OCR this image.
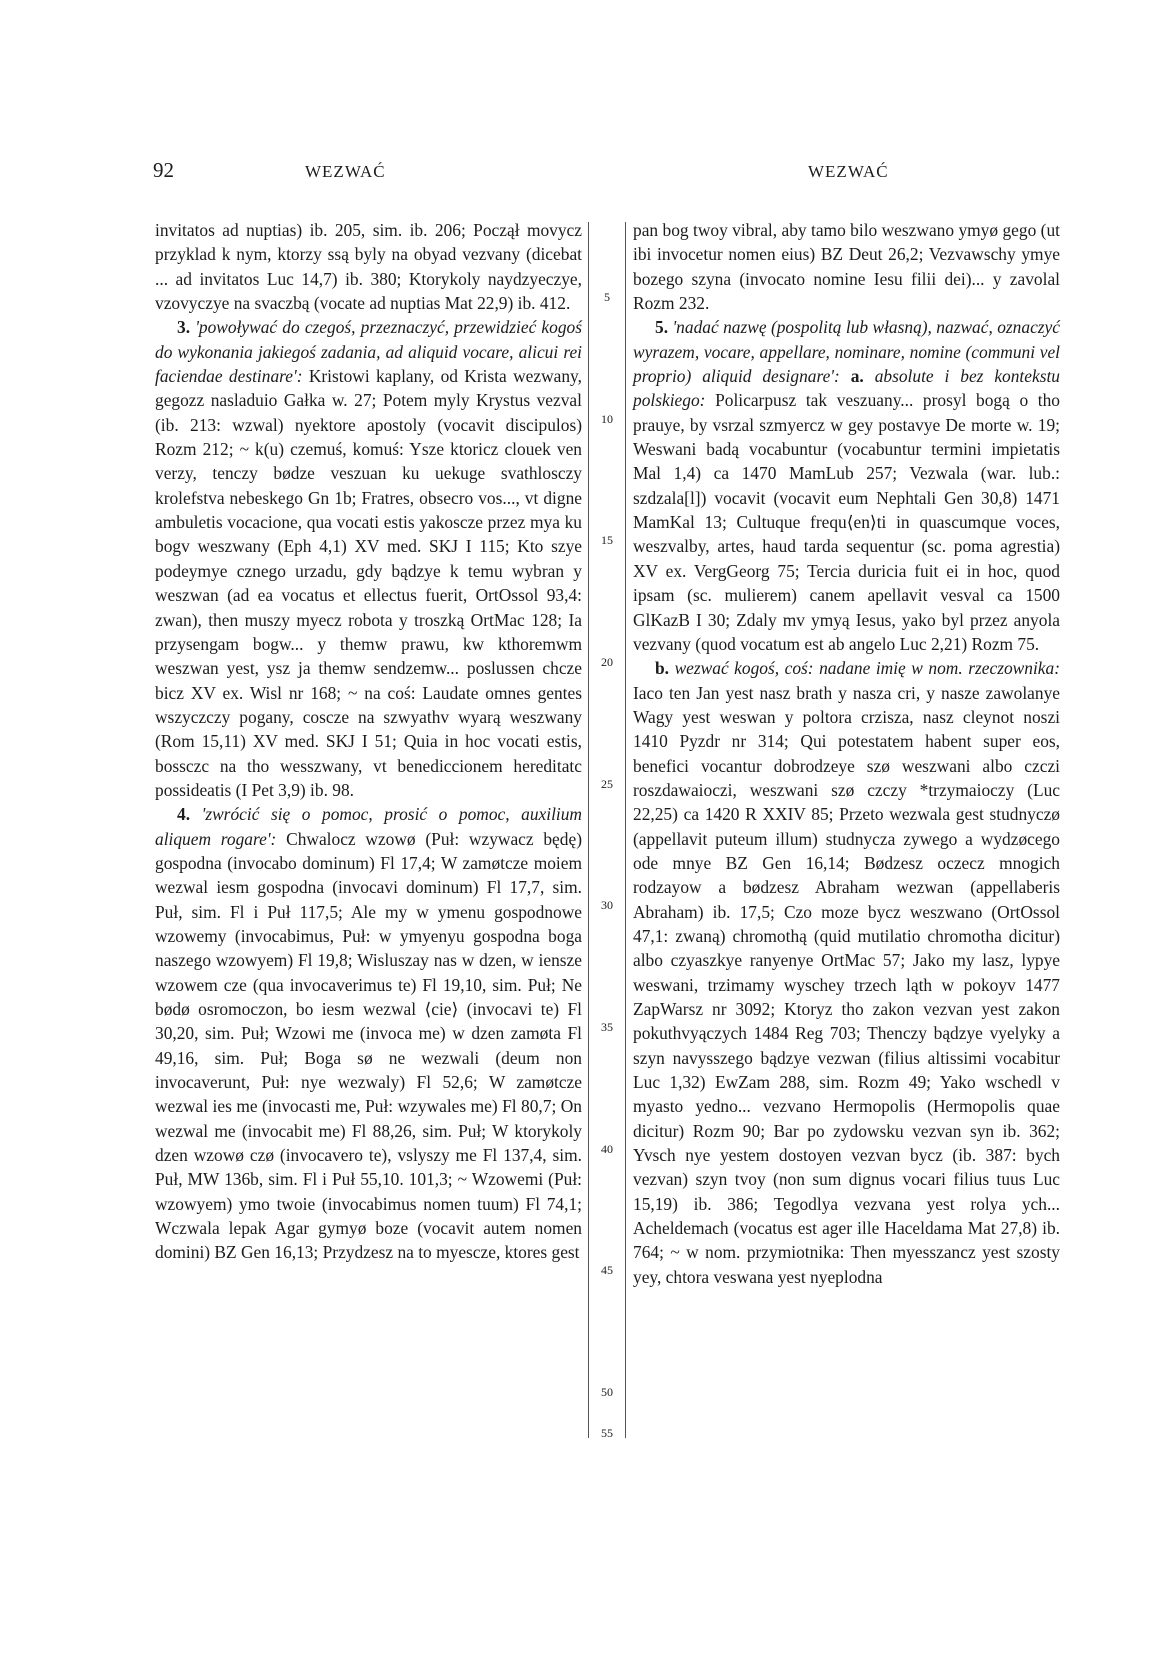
92	WEZWAĆ	WEZWAĆ

invitatos ad nuptias) ib. 205, sim. ib. 206; Począł movycz przyklad k nym, ktorzy ssą byly na obyad vezvany (dicebat ... ad invitatos Luc 14,7) ib. 380; Ktorykoly naydzyeczye, vzovyczye na svaczbą (vocate ad nuptias Mat 22,9) ib. 412.

3. 'powoływać do czegoś, przeznaczyć, przewidzieć kogoś do wykonania jakiegoś zadania, ad aliquid vocare, alicui rei faciendae destinare': Kristowi kaplany, od Krista wezwany, gegozz nasladuio Gałka w. 27; Potem myly Krystus vezval (ib. 213: wzwal) nyektore apostoly (vocavit discipulos) Rozm 212; ~ k(u) czemuś, komuś: Ysze ktoricz clouek ven verzy, tenczy bødze veszuan ku uekuge svathlosczy krolefstva nebeskego Gn 1b; Fratres, obsecro vos..., vt digne ambuletis vocacione, qua vocati estis yakoscze przez mya ku bogv weszwany (Eph 4,1) XV med. SKJ I 115; Kto szye podeymye cznego urzadu, gdy bądzye k temu wybran y weszwan (ad ea vocatus et ellectus fuerit, OrtOssol 93,4: zwan), then muszy myecz robota y troszką OrtMac 128; Ia przysengam bogw... y themw prawu, kw kthoremwm weszwan yest, ysz ja themw sendzemw... poslussen chcze bicz XV ex. Wisl nr 168; ~ na coś: Laudate omnes gentes wszyczczy pogany, coscze na szwyathv wyarą weszwany (Rom 15,11) XV med. SKJ I 51; Quia in hoc vocati estis, bossczc na tho wesszwany, vt benediccionem hereditatc possideatis (I Pet 3,9) ib. 98.

4. 'zwrócić się o pomoc, prosić o pomoc, auxilium aliquem rogare': Chwalocz wzowø (Puł: wzywacz będę) gospodna (invocabo dominum) Fl 17,4; W zamøtcze moiem wezwal iesm gospodna (invocavi dominum) Fl 17,7, sim. Puł, sim. Fl i Puł 117,5; Ale my w ymenu gospodnowe wzowemy (invocabimus, Puł: w ymyenyu gospodna boga naszego wzowyem) Fl 19,8; Wisluszay nas w dzen, w iensze wzowem cze (qua invocaverimus te) Fl 19,10, sim. Puł; Ne bødø osromoczon, bo iesm wezwal ⟨cie⟩ (invocavi te) Fl 30,20, sim. Puł; Wzowi me (invoca me) w dzen zamøta Fl 49,16, sim. Puł; Boga sø ne wezwali (deum non invocaverunt, Puł: nye wezwaly) Fl 52,6; W zamøtcze wezwal ies me (invocasti me, Puł: wzywales me) Fl 80,7; On wezwal me (invocabit me) Fl 88,26, sim. Puł; W ktorykoly dzen wzowø czø (invocavero te), vslyszy me Fl 137,4, sim. Puł, MW 136b, sim. Fl i Puł 55,10. 101,3; ~ Wzowemi (Puł: wzowyem) ymo twoie (invocabimus nomen tuum) Fl 74,1; Wczwala lepak Agar gymyø boze (vocavit autem nomen domini) BZ Gen 16,13; Przydzesz na to myescze, ktores gest

5
10
15
20
25
30
35
40
45
50
55

pan bog twoy vibral, aby tamo bilo weszwano ymyø gego (ut ibi invocetur nomen eius) BZ Deut 26,2; Vezvawschy ymye bozego szyna (invocato nomine Iesu filii dei)... y zavolal Rozm 232.

5. 'nadać nazwę (pospolitą lub własną), nazwać, oznaczyć wyrazem, vocare, appellare, nominare, nomine (communi vel proprio) aliquid designare': a. absolute i bez kontekstu polskiego: Policarpusz tak veszuany... prosyl bogą o tho prauye, by vsrzal szmyercz w gey postavye De morte w. 19; Weswani badą vocabuntur (vocabuntur termini impietatis Mal 1,4) ca 1470 MamLub 257; Vezwala (war. lub.: szdzala[l]) vocavit (vocavit eum Nephtali Gen 30,8) 1471 MamKal 13; Cultuque frequ⟨en⟩ti in quascumque voces, weszvalby, artes, haud tarda sequentur (sc. poma agrestia) XV ex. VergGeorg 75; Tercia duricia fuit ei in hoc, quod ipsam (sc. mulierem) canem apellavit vesval ca 1500 GlKazB I 30; Zdaly mv ymyą Iesus, yako byl przez anyola vezvany (quod vocatum est ab angelo Luc 2,21) Rozm 75.

b. wezwać kogoś, coś: nadane imię w nom. rzeczownika: Iaco ten Jan yest nasz brath y nasza cri, y nasze zawolanye Wagy yest weswan y poltora crzisza, nasz cleynot noszi 1410 Pyzdr nr 314; Qui potestatem habent super eos, benefici vocantur dobrodzeye szø weszwani albo czczi roszdawaioczi, weszwani szø czczy *trzymaioczy (Luc 22,25) ca 1420 R XXIV 85; Przeto wezwala gest studnyczø (appellavit puteum illum) studnycza zywego a wydzøcego ode mnye BZ Gen 16,14; Bødzesz oczecz mnogich rodzayow a bødzesz Abraham wezwan (appellaberis Abraham) ib. 17,5; Czo moze bycz weszwano (OrtOssol 47,1: zwaną) chromothą (quid mutilatio chromotha dicitur) albo czyaszkye ranyenye OrtMac 57; Jako my lasz, lypye weswani, trzimamy wyschey trzech ląth w pokoyv 1477 ZapWarsz nr 3092; Ktoryz tho zakon vezvan yest zakon pokuthvyączych 1484 Reg 703; Thenczy bądzye vyelyky a szyn navysszego bądzye vezwan (filius altissimi vocabitur Luc 1,32) EwZam 288, sim. Rozm 49; Yako wschedl v myasto yedno... vezvano Hermopolis (Hermopolis quae dicitur) Rozm 90; Bar po zydowsku vezvan syn ib. 362; Yvsch nye yestem dostoyen vezvan bycz (ib. 387: bych vezvan) szyn tvoy (non sum dignus vocari filius tuus Luc 15,19) ib. 386; Tegodlya vezvana yest rolya ych... Acheldemach (vocatus est ager ille Haceldama Mat 27,8) ib. 764; ~ w nom. przymiotnika: Then myesszancz yest szosty yey, chtora veswana yest nyeplodna
